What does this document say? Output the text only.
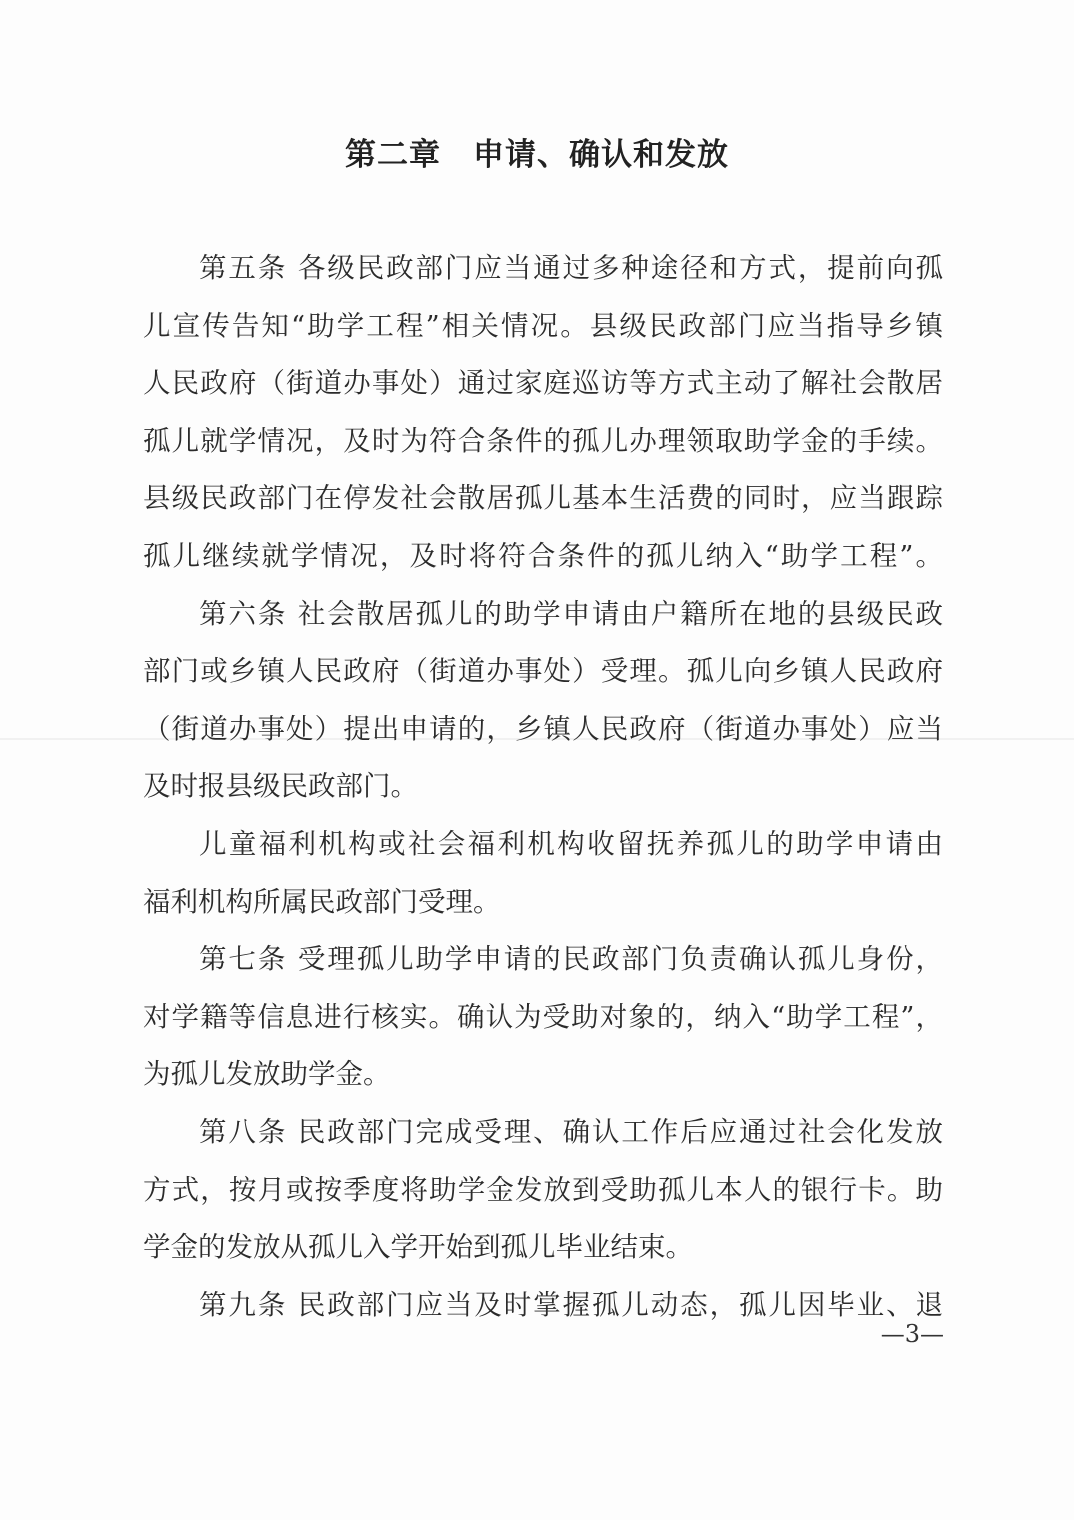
第二章　申请、确认和发放
第五条 各级民政部门应当通过多种途径和方式，提前向孤
儿宣传告知“助学工程”相关情况。县级民政部门应当指导乡镇
人民政府（街道办事处）通过家庭巡访等方式主动了解社会散居
孤儿就学情况，及时为符合条件的孤儿办理领取助学金的手续。
县级民政部门在停发社会散居孤儿基本生活费的同时，应当跟踪
孤儿继续就学情况，及时将符合条件的孤儿纳入“助学工程”。
第六条 社会散居孤儿的助学申请由户籍所在地的县级民政
部门或乡镇人民政府（街道办事处）受理。孤儿向乡镇人民政府
（街道办事处）提出申请的，乡镇人民政府（街道办事处）应当
及时报县级民政部门。
儿童福利机构或社会福利机构收留抚养孤儿的助学申请由
福利机构所属民政部门受理。
第七条 受理孤儿助学申请的民政部门负责确认孤儿身份，
对学籍等信息进行核实。确认为受助对象的，纳入“助学工程”，
为孤儿发放助学金。
第八条 民政部门完成受理、确认工作后应通过社会化发放
方式，按月或按季度将助学金发放到受助孤儿本人的银行卡。助
学金的发放从孤儿入学开始到孤儿毕业结束。
第九条 民政部门应当及时掌握孤儿动态，孤儿因毕业、退
—3—
